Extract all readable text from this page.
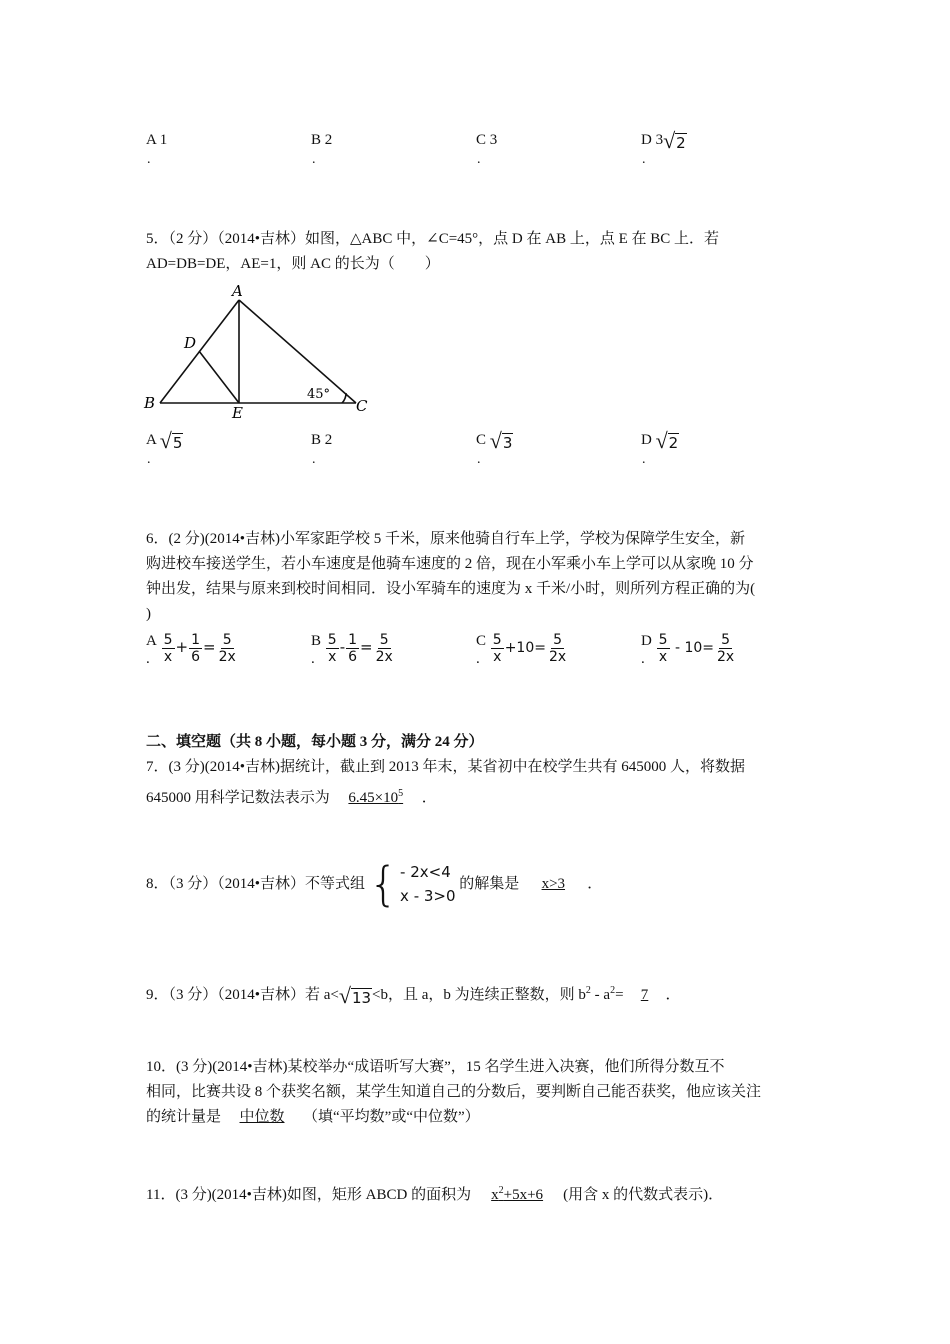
A 1
.
B 2
.
C 3
.
D 3 √ 2
.
5．（2 分）（2014•吉林）如图，△ABC 中，∠C=45°，点 D 在 AB 上，点 E 在 BC 上．若
AD=DB=DE，AE=1，则 AC 的长为（　　）
A
D
B
E	C
45°
A √ 5
.
B 2
.
C √ 3
.
D √ 2
.
6．(2 分)(2014•吉林)小军家距学校 5 千米，原来他骑自行车上学，学校为保障学生安全，新
购进校车接送学生，若小车速度是他骑车速度的 2 倍，现在小军乘小车上学可以从家晚 10 分
钟出发，结果与原来到校时间相同．设小军骑车的速度为 x 千米/小时，则所列方程正确的为(
)
A
. $\frac{5}{x} + \frac{1}{6} = \frac{5}{2x}$	B
. $\frac{5}{x} - \frac{1}{6} = \frac{5}{2x}$	C
. $\frac{5}{x} +10= \frac{5}{2x}$	D
. $\frac{5}{x} - 10= \frac{5}{2x}$
二、填空题（共 8 小题，每小题 3 分，满分 24 分）
7．(3 分)(2014•吉林)据统计，截止到 2013 年末，某省初中在校学生共有 645000 人，将数据
645000 用科学记数法表示为 $6.45\times 10^5$ ．
8．（3 分）（2014•吉林）不等式组 { - 2x<4
x - 3>0
的解集是 x>3 ．
9．（3 分）（2014•吉林）若 a< √ 13 <b，且 a，b 为连续正整数，则 $b^2 - a^2= 7$ ．
10．(3 分)(2014•吉林)某校举办“成语听写大赛”，15 名学生进入决赛，他们所得分数互不
相同，比赛共设 8 个获奖名额，某学生知道自己的分数后，要判断自己能否获奖，他应该关注
的统计量是 中位数 （填“平均数”或“中位数”）
11．(3 分)(2014•吉林)如图，矩形 ABCD 的面积为 $x^2+5x+6$ (用含 x 的代数式表示)．
